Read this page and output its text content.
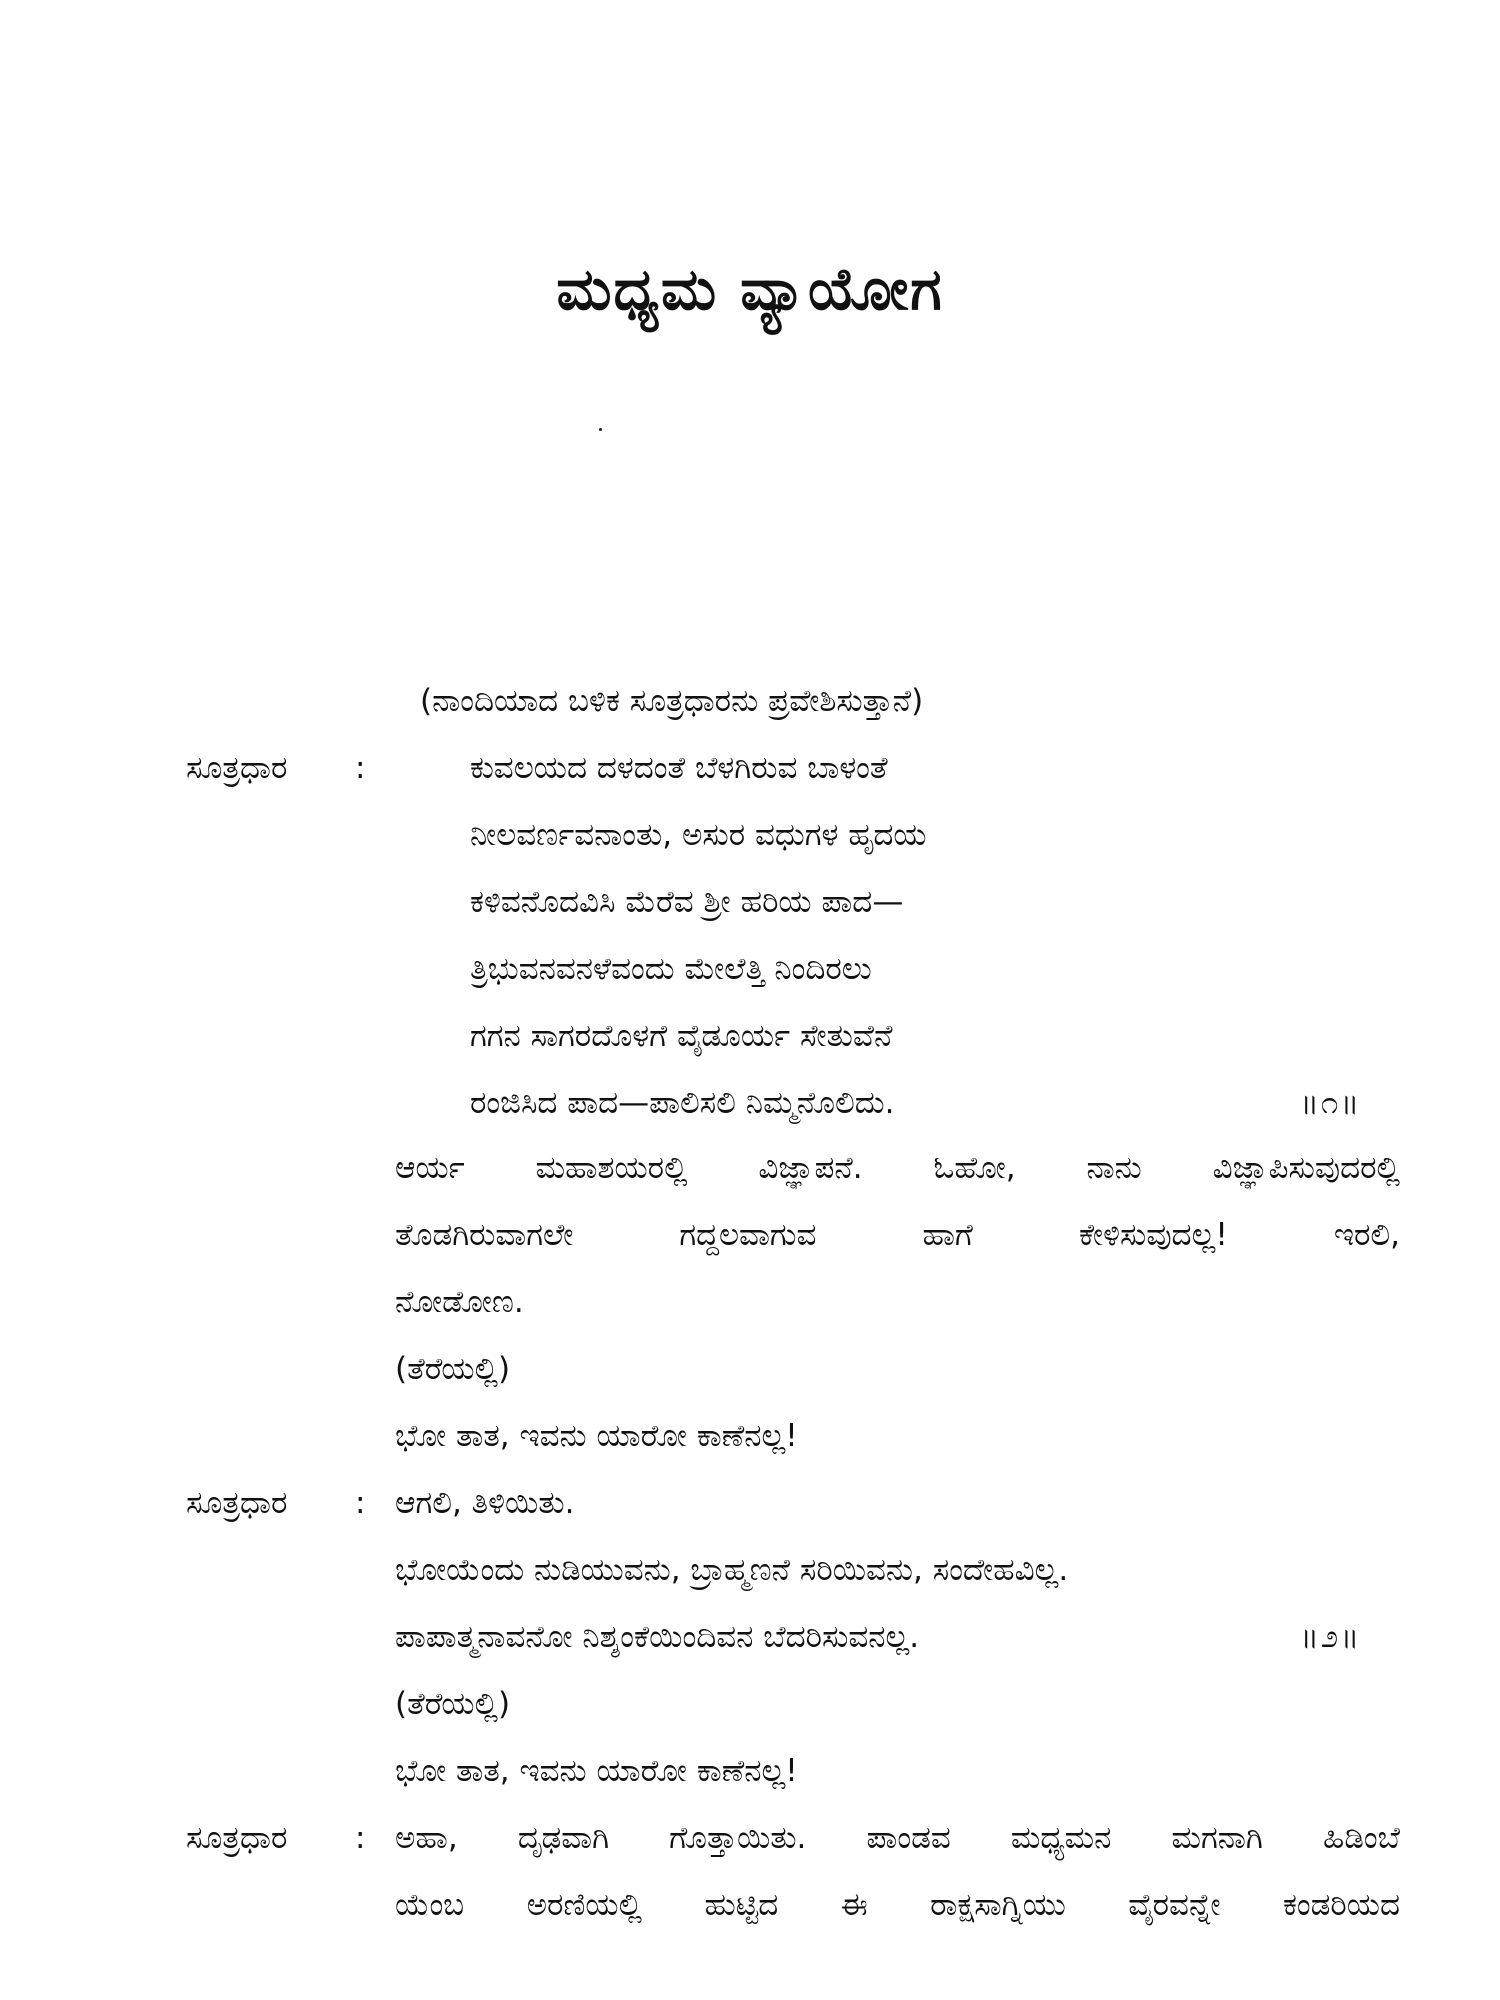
ಮಧ್ಯಮ ವ್ಯಾಯೋಗ
(ನಾಂದಿಯಾದ ಬಳಿಕ ಸೂತ್ರಧಾರನು ಪ್ರವೇಶಿಸುತ್ತಾನೆ)
ಸೂತ್ರಧಾರ :	ಕುವಲಯದ ದಳದಂತೆ ಬೆಳಗಿರುವ ಬಾಳಂತೆ
ನೀಲವರ್ಣವನಾಂತು, ಅಸುರ ವಧುಗಳ ಹೃದಯ
ಕಳಿವನೊದವಿಸಿ ಮೆರೆವ ಶ್ರೀ ಹರಿಯ ಪಾದ—
ತ್ರಿಭುವನವನಳೆವಂದು ಮೇಲೆತ್ತಿ ನಿಂದಿರಲು
ಗಗನ ಸಾಗರದೊಳಗೆ ವೈಡೂರ್ಯ ಸೇತುವೆನೆ
ರಂಜಿಸಿದ ಪಾದ—ಪಾಲಿಸಲಿ ನಿಮ್ಮನೊಲಿದು.	॥೧॥
ಆರ್ಯ ಮಹಾಶಯರಲ್ಲಿ ವಿಜ್ಞಾಪನೆ. ಓಹೋ, ನಾನು ವಿಜ್ಞಾಪಿಸುವುದರಲ್ಲಿ
ತೊಡಗಿರುವಾಗಲೇ ಗದ್ದಲವಾಗುವ ಹಾಗೆ ಕೇಳಿಸುವುದಲ್ಲ! ಇರಲಿ,
ನೋಡೋಣ.
(ತೆರೆಯಲ್ಲಿ)
ಭೋ ತಾತ, ಇವನು ಯಾರೋ ಕಾಣೆನಲ್ಲ!
ಸೂತ್ರಧಾರ : ಆಗಲಿ, ತಿಳಿಯಿತು.
ಭೋಯೆಂದು ನುಡಿಯುವನು, ಬ್ರಾಹ್ಮಣನೆ ಸರಿಯಿವನು, ಸಂದೇಹವಿಲ್ಲ.
ಪಾಪಾತ್ಮನಾವನೋ ನಿಶ್ಶಂಕೆಯಿಂದಿವನ ಬೆದರಿಸುವನಲ್ಲ.	॥೨॥
(ತೆರೆಯಲ್ಲಿ)
ಭೋ ತಾತ, ಇವನು ಯಾರೋ ಕಾಣೆನಲ್ಲ!
ಸೂತ್ರಧಾರ : ಅಹಾ, ದೃಢವಾಗಿ ಗೊತ್ತಾಯಿತು. ಪಾಂಡವ ಮಧ್ಯಮನ ಮಗನಾಗಿ ಹಿಡಿಂಬೆ
ಯೆಂಬ ಅರಣಿಯಲ್ಲಿ ಹುಟ್ಟಿದ ಈ ರಾಕ್ಷಸಾಗ್ನಿಯು ವೈರವನ್ನೇ ಕಂಡರಿಯದ
